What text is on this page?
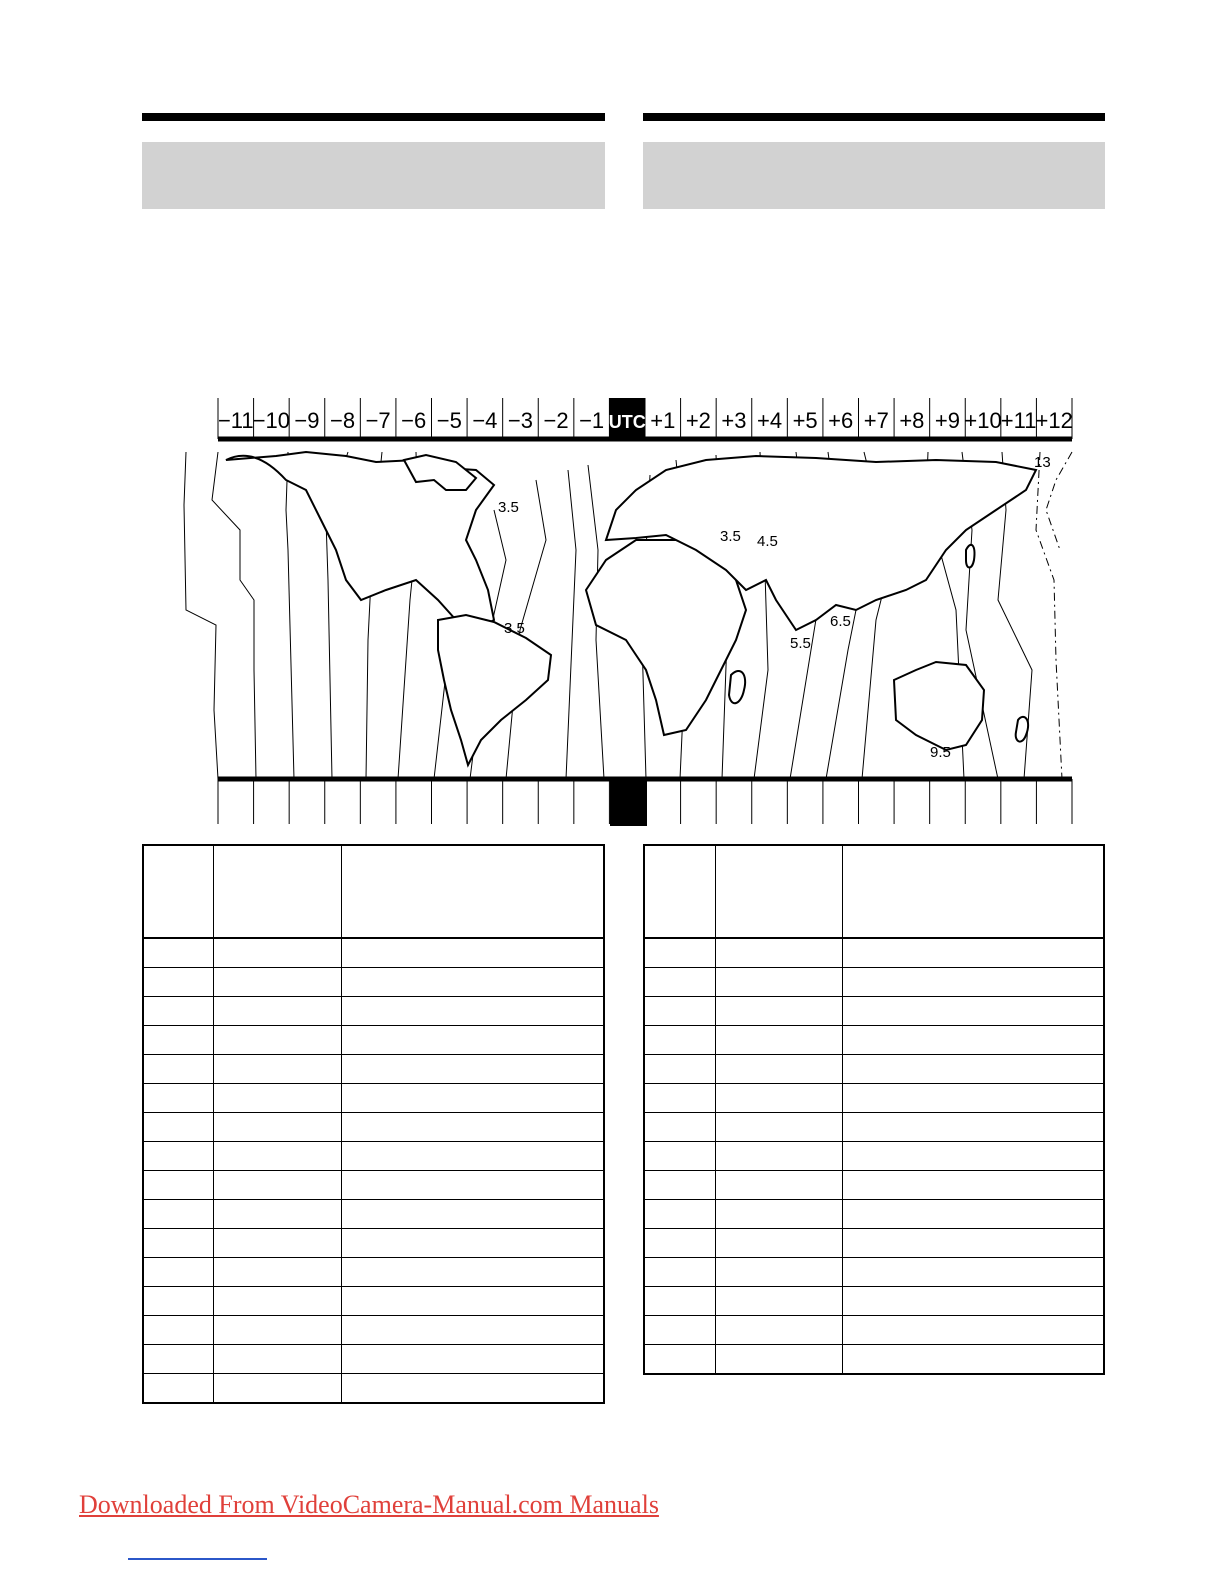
−11 −10 −9 −8 −7 −6 −5 −4 −3 −2 −1 UTC +1 +2 +3 +4 +5 +6 +7 +8 +9 +10 +11 +12
3.5
3.5
3.5 4.5
5.5
6.5
9.5
13

Downloaded From VideoCamera-Manual.com Manuals
